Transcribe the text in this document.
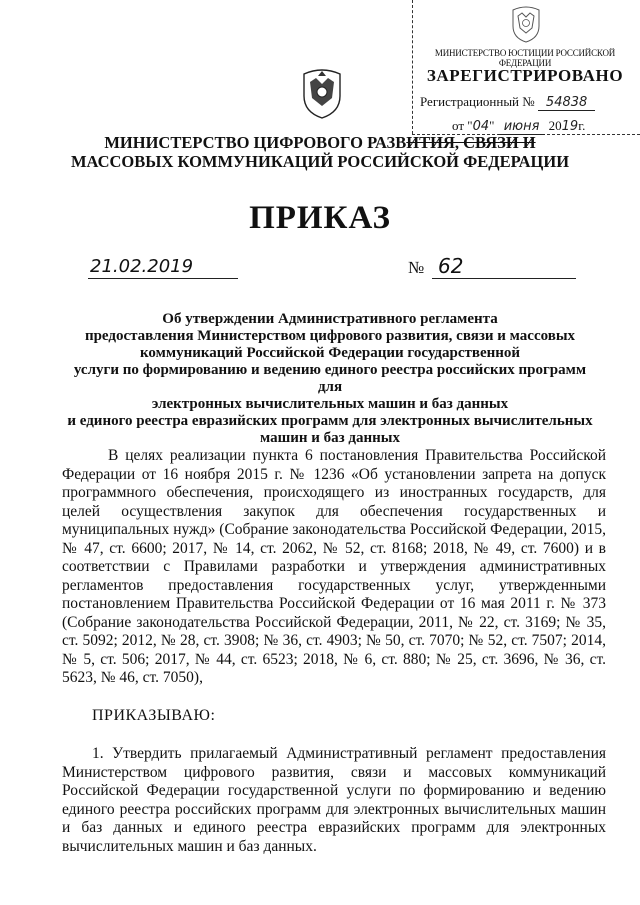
МИНИСТЕРСТВО ЮСТИЦИИ РОССИЙСКОЙ ФЕДЕРАЦИИ
ЗАРЕГИСТРИРОВАНО
Регистрационный № 54838
от "04" июня 2019г.
МИНИСТЕРСТВО ЦИФРОВОГО РАЗВИТИЯ, СВЯЗИ И
МАССОВЫХ КОММУНИКАЦИЙ РОССИЙСКОЙ ФЕДЕРАЦИИ
ПРИКАЗ
21.02.2019	№ 62
Об утверждении Административного регламента
предоставления Министерством цифрового развития, связи и массовых
коммуникаций Российской Федерации государственной
услуги по формированию и ведению единого реестра российских программ для
электронных вычислительных машин и баз данных
и единого реестра евразийских программ для электронных вычислительных
машин и баз данных
В целях реализации пункта 6 постановления Правительства Российской Федерации от 16 ноября 2015 г. № 1236 «Об установлении запрета на допуск программного обеспечения, происходящего из иностранных государств, для целей осуществления закупок для обеспечения государственных и муниципальных нужд» (Собрание законодательства Российской Федерации, 2015, № 47, ст. 6600; 2017, № 14, ст. 2062, № 52, ст. 8168; 2018, № 49, ст. 7600) и в соответствии с Правилами разработки и утверждения административных регламентов предоставления государственных услуг, утвержденными постановлением Правительства Российской Федерации от 16 мая 2011 г. № 373 (Собрание законодательства Российской Федерации, 2011, № 22, ст. 3169; № 35, ст. 5092; 2012, № 28, ст. 3908; № 36, ст. 4903; № 50, ст. 7070; № 52, ст. 7507; 2014, № 5, ст. 506; 2017, № 44, ст. 6523; 2018, № 6, ст. 880; № 25, ст. 3696, № 36, ст. 5623, № 46, ст. 7050),
ПРИКАЗЫВАЮ:
1. Утвердить прилагаемый Административный регламент предоставления Министерством цифрового развития, связи и массовых коммуникаций Российской Федерации государственной услуги по формированию и ведению единого реестра российских программ для электронных вычислительных машин и баз данных и единого реестра евразийских программ для электронных вычислительных машин и баз данных.
